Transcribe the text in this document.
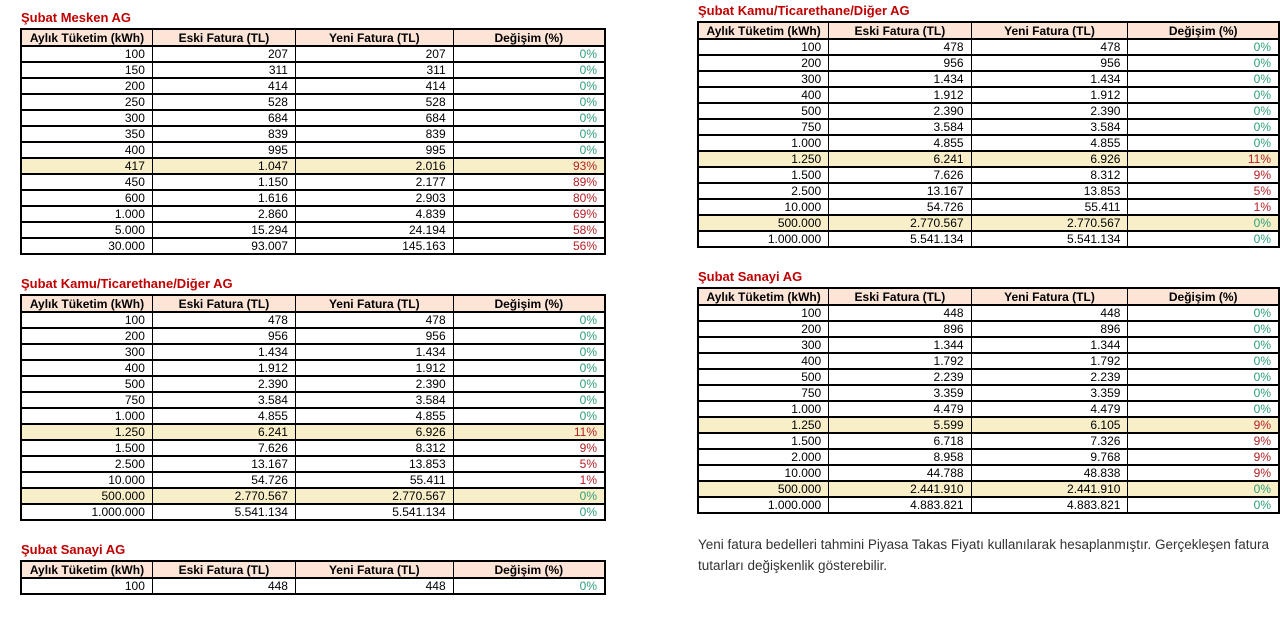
Şubat Mesken AG
Aylık Tüketim (kWh)	Eski Fatura (TL)	Yeni Fatura (TL)	Değişim (%)
100	207	207	0%
150	311	311	0%
200	414	414	0%
250	528	528	0%
300	684	684	0%
350	839	839	0%
400	995	995	0%
417	1.047	2.016	93%
450	1.150	2.177	89%
600	1.616	2.903	80%
1.000	2.860	4.839	69%
5.000	15.294	24.194	58%
30.000	93.007	145.163	56%
Şubat Kamu/Ticarethane/Diğer AG
Aylık Tüketim (kWh)	Eski Fatura (TL)	Yeni Fatura (TL)	Değişim (%)
100	478	478	0%
200	956	956	0%
300	1.434	1.434	0%
400	1.912	1.912	0%
500	2.390	2.390	0%
750	3.584	3.584	0%
1.000	4.855	4.855	0%
1.250	6.241	6.926	11%
1.500	7.626	8.312	9%
2.500	13.167	13.853	5%
10.000	54.726	55.411	1%
500.000	2.770.567	2.770.567	0%
1.000.000	5.541.134	5.541.134	0%
Şubat Sanayi AG
Aylık Tüketim (kWh)	Eski Fatura (TL)	Yeni Fatura (TL)	Değişim (%)
100	448	448	0%
Şubat Kamu/Ticarethane/Diğer AG
Aylık Tüketim (kWh)	Eski Fatura (TL)	Yeni Fatura (TL)	Değişim (%)
100	478	478	0%
200	956	956	0%
300	1.434	1.434	0%
400	1.912	1.912	0%
500	2.390	2.390	0%
750	3.584	3.584	0%
1.000	4.855	4.855	0%
1.250	6.241	6.926	11%
1.500	7.626	8.312	9%
2.500	13.167	13.853	5%
10.000	54.726	55.411	1%
500.000	2.770.567	2.770.567	0%
1.000.000	5.541.134	5.541.134	0%
Şubat Sanayi AG
Aylık Tüketim (kWh)	Eski Fatura (TL)	Yeni Fatura (TL)	Değişim (%)
100	448	448	0%
200	896	896	0%
300	1.344	1.344	0%
400	1.792	1.792	0%
500	2.239	2.239	0%
750	3.359	3.359	0%
1.000	4.479	4.479	0%
1.250	5.599	6.105	9%
1.500	6.718	7.326	9%
2.000	8.958	9.768	9%
10.000	44.788	48.838	9%
500.000	2.441.910	2.441.910	0%
1.000.000	4.883.821	4.883.821	0%

Yeni fatura bedelleri tahmini Piyasa Takas Fiyatı kullanılarak hesaplanmıştır. Gerçekleşen fatura tutarları değişkenlik gösterebilir.
